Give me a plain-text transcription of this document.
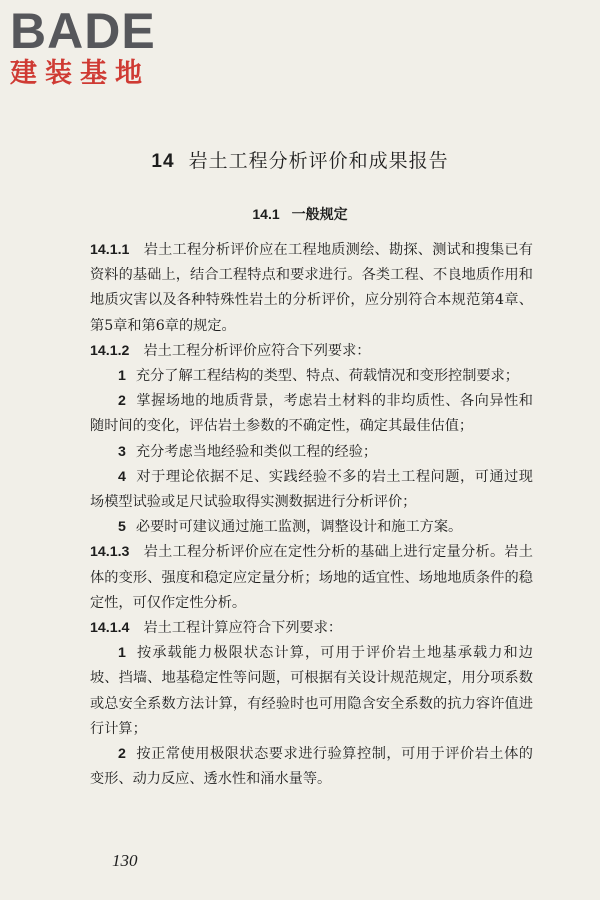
BADE
建装基地
14 岩土工程分析评价和成果报告
14.1 一般规定

14.1.1 岩土工程分析评价应在工程地质测绘、勘探、测试和搜集已有资料的基础上，结合工程特点和要求进行。各类工程、不良地质作用和地质灾害以及各种特殊性岩土的分析评价，应分别符合本规范第4章、第5章和第6章的规定。

14.1.2 岩土工程分析评价应符合下列要求：

1 充分了解工程结构的类型、特点、荷载情况和变形控制要求；

2 掌握场地的地质背景，考虑岩土材料的非均质性、各向异性和随时间的变化，评估岩土参数的不确定性，确定其最佳估值；

3 充分考虑当地经验和类似工程的经验；

4 对于理论依据不足、实践经验不多的岩土工程问题，可通过现场模型试验或足尺试验取得实测数据进行分析评价；

5 必要时可建议通过施工监测，调整设计和施工方案。

14.1.3 岩土工程分析评价应在定性分析的基础上进行定量分析。岩土体的变形、强度和稳定应定量分析；场地的适宜性、场地地质条件的稳定性，可仅作定性分析。

14.1.4 岩土工程计算应符合下列要求：

1 按承载能力极限状态计算，可用于评价岩土地基承载力和边坡、挡墙、地基稳定性等问题，可根据有关设计规范规定，用分项系数或总安全系数方法计算，有经验时也可用隐含安全系数的抗力容许值进行计算；

2 按正常使用极限状态要求进行验算控制，可用于评价岩土体的变形、动力反应、透水性和涌水量等。

130
